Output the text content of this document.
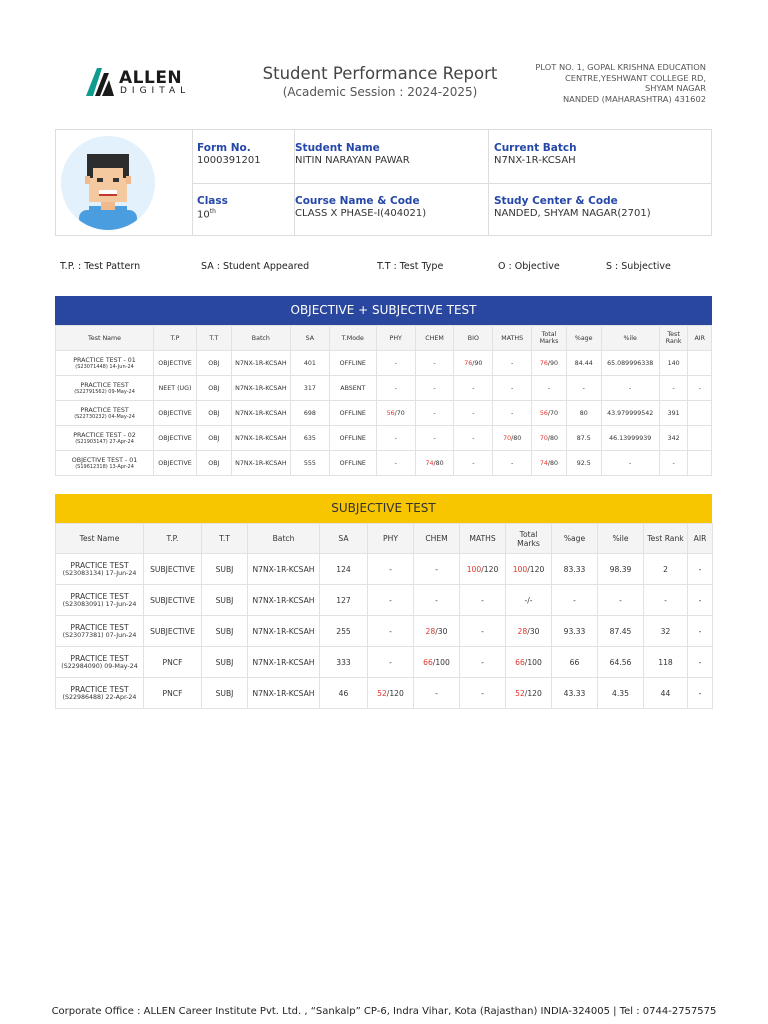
ALLEN
DIGITAL
Student Performance Report
(Academic Session : 2024-2025)
PLOT NO. 1, GOPAL KRISHNA EDUCATION
CENTRE,YESHWANT COLLEGE RD,
SHYAM NAGAR
NANDED (MAHARASHTRA) 431602
Form No.
1000391201
Student Name
NITIN NARAYAN PAWAR
Current Batch
N7NX-1R-KCSAH
Class
10th
Course Name & Code
CLASS X PHASE-I(404021)
Study Center & Code
NANDED, SHYAM NAGAR(2701)
T.P. : Test Pattern	SA : Student Appeared	T.T : Test Type	O : Objective	S : Subjective
OBJECTIVE + SUBJECTIVE TEST
Test Name	T.P	T.T	Batch	SA	T.Mode	PHY	CHEM	BIO	MATHS	Total Marks	%age	%ile	Test Rank	AIR
PRACTICE TEST - 01
(S23071448) 14-Jun-24	OBJECTIVE	OBJ	N7NX-1R-KCSAH	401	OFFLINE	-	-	76/90	-	76/90	84.44	65.089996338	140	
PRACTICE TEST
(S22791562) 09-May-24	NEET (UG)	OBJ	N7NX-1R-KCSAH	317	ABSENT	-	-	-	-	-	-	-	-	-
PRACTICE TEST
(S22730232) 04-May-24	OBJECTIVE	OBJ	N7NX-1R-KCSAH	698	OFFLINE	56/70	-	-	-	56/70	80	43.979999542	391	
PRACTICE TEST - 02
(S21903147) 27-Apr-24	OBJECTIVE	OBJ	N7NX-1R-KCSAH	635	OFFLINE	-	-	-	70/80	70/80	87.5	46.13999939	342	
OBJECTIVE TEST - 01
(S19612318) 13-Apr-24	OBJECTIVE	OBJ	N7NX-1R-KCSAH	555	OFFLINE	-	74/80	-	-	74/80	92.5	-	-	
SUBJECTIVE TEST
Test Name	T.P.	T.T	Batch	SA	PHY	CHEM	MATHS	Total Marks	%age	%ile	Test Rank	AIR
PRACTICE TEST
(S23083134) 17-Jun-24	SUBJECTIVE	SUBJ	N7NX-1R-KCSAH	124	-	-	100/120	100/120	83.33	98.39	2	-
PRACTICE TEST
(S23083091) 17-Jun-24	SUBJECTIVE	SUBJ	N7NX-1R-KCSAH	127	-	-	-	-/-	-	-	-	-
PRACTICE TEST
(S23077381) 07-Jun-24	SUBJECTIVE	SUBJ	N7NX-1R-KCSAH	255	-	28/30	-	28/30	93.33	87.45	32	-
PRACTICE TEST
(S22984090) 09-May-24	PNCF	SUBJ	N7NX-1R-KCSAH	333	-	66/100	-	66/100	66	64.56	118	-
PRACTICE TEST
(S22986488) 22-Apr-24	PNCF	SUBJ	N7NX-1R-KCSAH	46	52/120	-	-	52/120	43.33	4.35	44	-
Corporate Office : ALLEN Career Institute Pvt. Ltd. , “Sankalp” CP-6, Indra Vihar, Kota (Rajasthan) INDIA-324005 | Tel : 0744-2757575
